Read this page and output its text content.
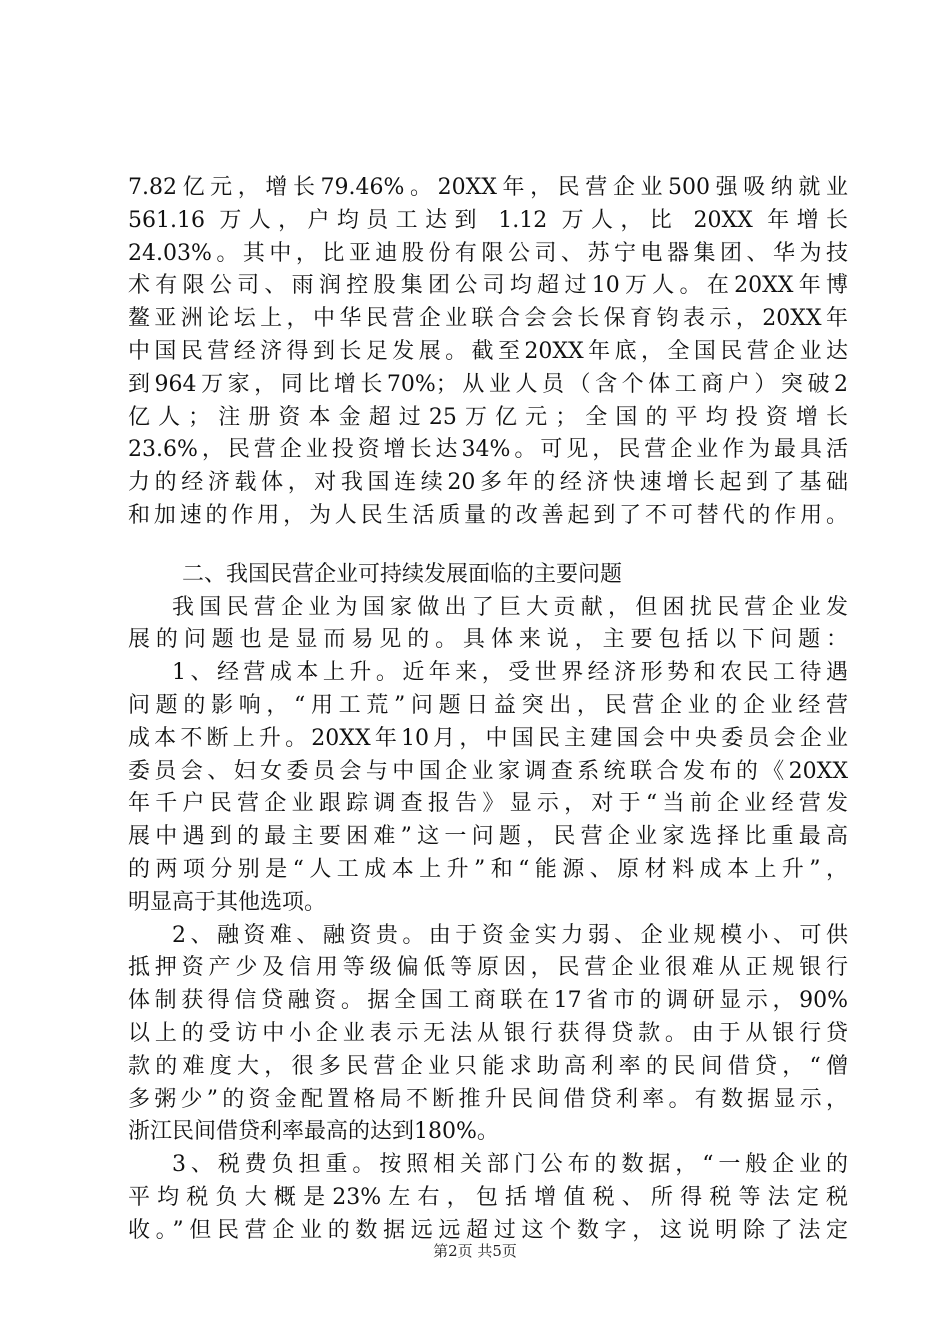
7.82亿元，增长79.46%。20XX年，民营企业500强吸纳就业
561.16 万人，户均员工达到 1.12 万人，比 20XX 年增长
24.03%。其中，比亚迪股份有限公司、苏宁电器集团、华为技
术有限公司、雨润控股集团公司均超过10万人。在20XX年博
鳌亚洲论坛上，中华民营企业联合会会长保育钧表示，20XX年
中国民营经济得到长足发展。截至20XX年底，全国民营企业达
到964万家，同比增长70%；从业人员（含个体工商户）突破2
亿人；注册资本金超过25万亿元；全国的平均投资增长
23.6%，民营企业投资增长达34%。可见，民营企业作为最具活
力的经济载体，对我国连续20多年的经济快速增长起到了基础
和加速的作用，为人民生活质量的改善起到了不可替代的作用。
二、我国民营企业可持续发展面临的主要问题
我国民营企业为国家做出了巨大贡献，但困扰民营企业发
展的问题也是显而易见的。具体来说，主要包括以下问题：
1、经营成本上升。近年来，受世界经济形势和农民工待遇
问题的影响，“用工荒”问题日益突出，民营企业的企业经营
成本不断上升。20XX年10月，中国民主建国会中央委员会企业
委员会、妇女委员会与中国企业家调查系统联合发布的《20XX
年千户民营企业跟踪调查报告》显示，对于“当前企业经营发
展中遇到的最主要困难”这一问题，民营企业家选择比重最高
的两项分别是“人工成本上升”和“能源、原材料成本上升”，
明显高于其他选项。
2、融资难、融资贵。由于资金实力弱、企业规模小、可供
抵押资产少及信用等级偏低等原因，民营企业很难从正规银行
体制获得信贷融资。据全国工商联在17省市的调研显示，90%
以上的受访中小企业表示无法从银行获得贷款。由于从银行贷
款的难度大，很多民营企业只能求助高利率的民间借贷，“僧
多粥少”的资金配置格局不断推升民间借贷利率。有数据显示，
浙江民间借贷利率最高的达到180%。
3、税费负担重。按照相关部门公布的数据，“一般企业的
平均税负大概是23%左右，包括增值税、所得税等法定税
收。”但民营企业的数据远远超过这个数字，这说明除了法定
第2页 共5页
